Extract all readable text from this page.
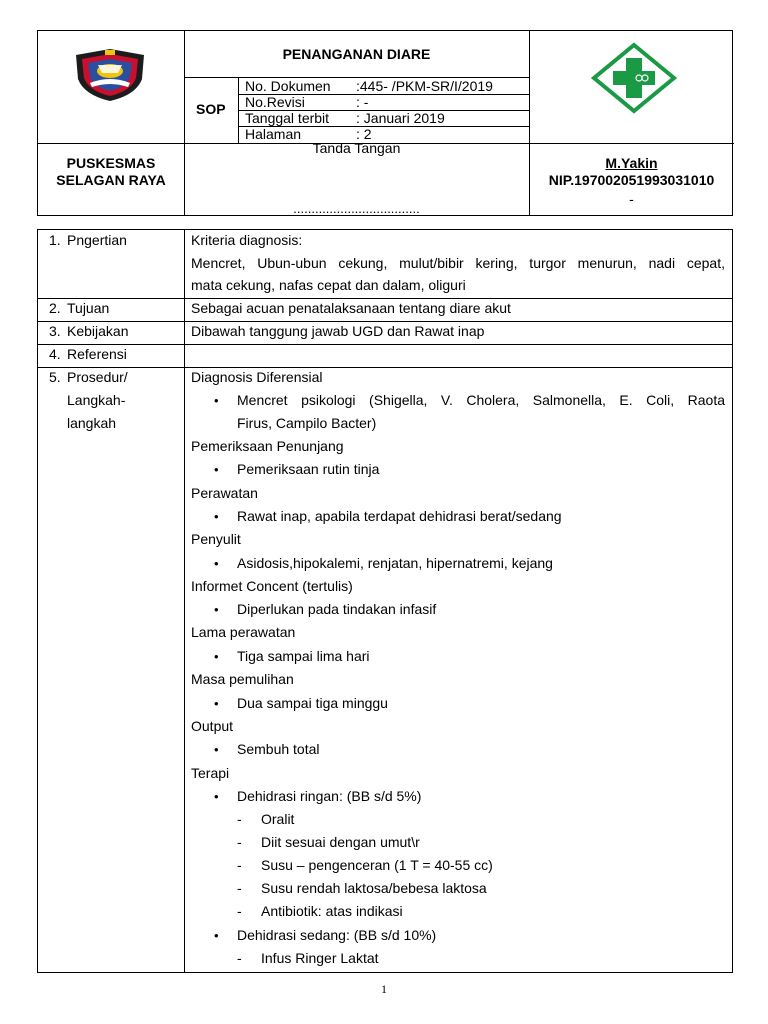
PENANGANAN DIARE
SOP
No. Dokumen :445- /PKM-SR/I/2019
No.Revisi	: -
Tanggal terbit : Januari 2019
Halaman	: 2
PUSKESMAS
SELAGAN RAYA
Tanda Tangan
...................................
M.Yakin
NIP.197002051993031010
-
1. Pngertian	Kriteria diagnosis:
Mencret, Ubun-ubun cekung, mulut/bibir kering, turgor menurun, nadi cepat,
mata cekung, nafas cepat dan dalam, oliguri
2. Tujuan	Sebagai acuan penatalaksanaan tentang diare akut
3. Kebijakan	Dibawah tanggung jawab UGD dan Rawat inap
4. Referensi
5. Prosedur/
Langkah-
langkah
Diagnosis Diferensial
• Mencret psikologi (Shigella, V. Cholera, Salmonella, E. Coli, Raota
Firus, Campilo Bacter)
Pemeriksaan Penunjang
• Pemeriksaan rutin tinja
Perawatan
• Rawat inap, apabila terdapat dehidrasi berat/sedang
Penyulit
• Asidosis,hipokalemi, renjatan, hipernatremi, kejang
Informet Concent (tertulis)
• Diperlukan pada tindakan infasif
Lama perawatan
• Tiga sampai lima hari
Masa pemulihan
• Dua sampai tiga minggu
Output
• Sembuh total
Terapi
• Dehidrasi ringan: (BB s/d 5%)
- Oralit
- Diit sesuai dengan umut\r
- Susu – pengenceran (1 T = 40-55 cc)
- Susu rendah laktosa/bebesa laktosa
- Antibiotik: atas indikasi
• Dehidrasi sedang: (BB s/d 10%)
- Infus Ringer Laktat
1
